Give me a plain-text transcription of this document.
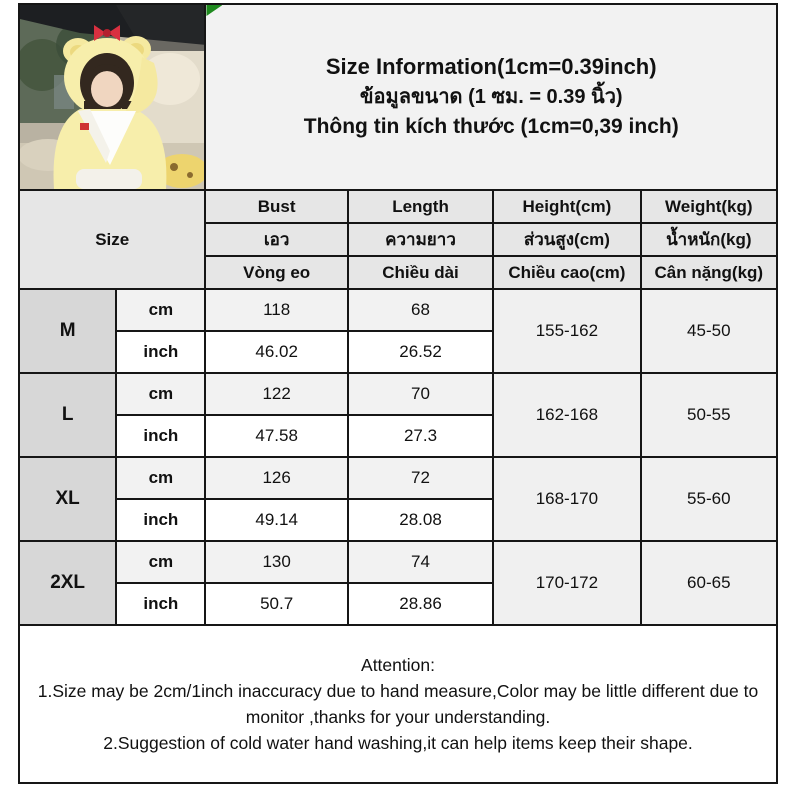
Size Information(1cm=0.39inch)
ข้อมูลขนาด (1 ซม. = 0.39 นิ้ว)
Thông tin kích thước (1cm=0,39 inch)			

Size		Bust	Length	Height(cm)	Weight(kg)
		เอว	ความยาว	ส่วนสูง(cm)	น้ำหนัก(kg)
		Vòng eo	Chiều dài	Chiều cao(cm)	Cân nặng(kg)
M	cm	118	68	155-162	45-50
	inch	46.02	26.52		
L	cm	122	70	162-168	50-55
	inch	47.58	27.3		
XL	cm	126	72	168-170	55-60
	inch	49.14	28.08		
2XL	cm	130	74	170-172	60-65
	inch	50.7	28.86		

Attention:
1.Size may be 2cm/1inch inaccuracy due to hand measure,Color may be little different due to monitor ,thanks for your understanding.
2.Suggestion of cold water hand washing,it can help items keep their shape.					
